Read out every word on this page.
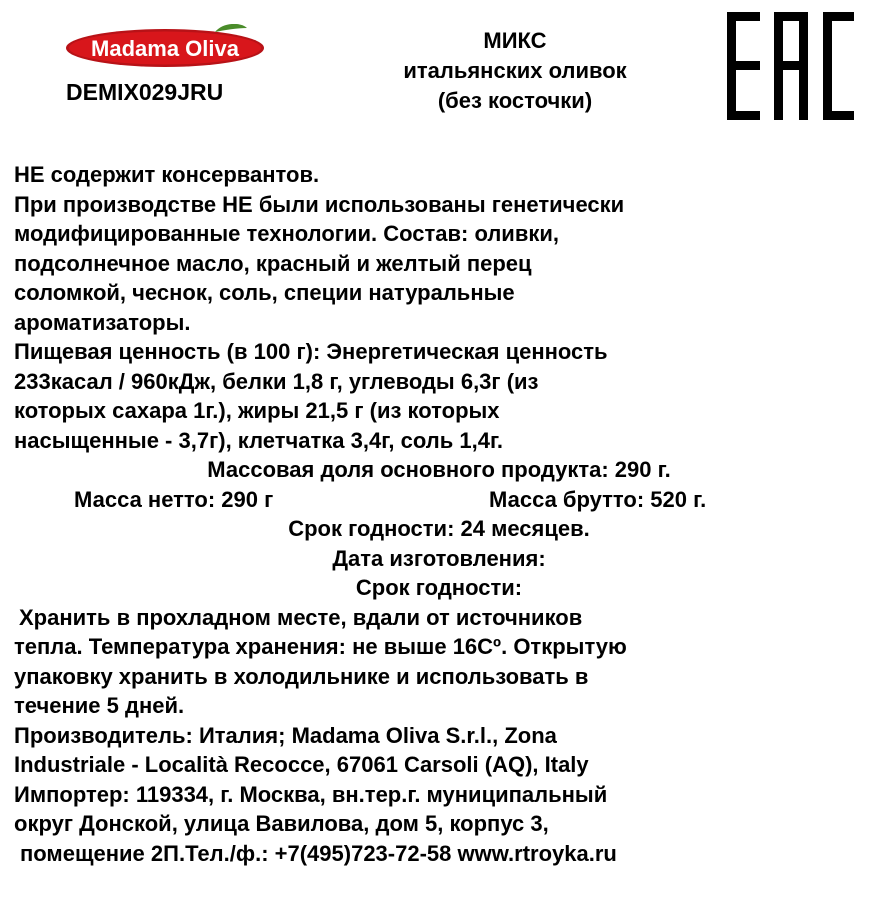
Madama Oliva
DEMIX029JRU
МИКС
итальянских оливок
(без косточки)
НЕ содержит консервантов.
При производстве НЕ были использованы генетически
модифицированные технологии. Состав: оливки,
подсолнечное масло, красный и желтый перец
соломкой, чеснок, соль, специи натуральные
ароматизаторы.
Пищевая ценность (в 100 г): Энергетическая ценность
233касал / 960кДж, белки 1,8 г, углеводы 6,3г (из
которых сахара 1г.), жиры 21,5 г (из которых
насыщенные - 3,7г), клетчатка 3,4г, соль 1,4г.
Массовая доля основного продукта: 290 г.
Масса нетто: 290 г	Масса брутто: 520 г.
Срок годности: 24 месяцев.
Дата изготовления:
Срок годности:
Хранить в прохладном месте, вдали от источников
тепла. Температура хранения: не выше 16Cº. Открытую
упаковку хранить в холодильнике и использовать в
течение 5 дней.
Производитель: Италия; Madama Oliva S.r.l., Zona
Industriale - Località Recocce, 67061 Carsoli (AQ), Italy
Импортер: 119334, г. Москва, вн.тер.г. муниципальный
округ Донской, улица Вавилова, дом 5, корпус 3,
помещение 2П.Тел./ф.: +7(495)723-72-58 www.rtroyka.ru
